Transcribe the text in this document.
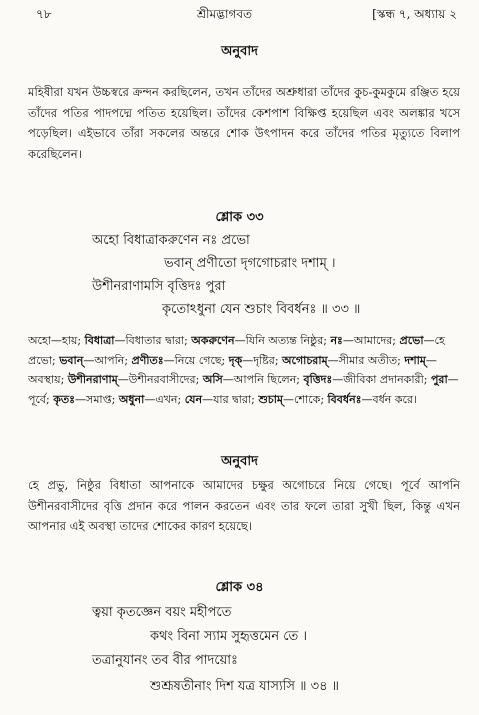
৭৮	শ্রীমদ্ভাগবত	[স্কন্ধ ৭, অধ্যায় ২
অনুবাদ

মহিষীরা যখন উচ্চস্বরে ক্রন্দন করছিলেন, তখন তাঁদের অশ্রুধারা তাঁদের কুচ-কুমকুমে রঞ্জিত হয়ে তাঁদের পতির পাদপদ্মে পতিত হয়েছিল। তাঁদের কেশপাশ বিক্ষিপ্ত হয়েছিল এবং অলঙ্কার খসে পড়েছিল। এইভাবে তাঁরা সকলের অন্তরে শোক উৎপাদন করে তাঁদের পতির মৃত্যুতে বিলাপ করেছিলেন।

শ্লোক ৩৩
অহো বিধাত্রাকরুণেন নঃ প্রভো
ভবান্ প্রণীতো দৃগগোচরাং দশাম্ ।
উশীনরাণামসি বৃত্তিদঃ পুরা
কৃতোঽধুনা যেন শুচাং বিবর্ধনঃ ॥ ৩৩ ॥

অহো—হায়; বিধাত্রা—বিধাতার দ্বারা; অকরুণেন—যিনি অত্যন্ত নিষ্ঠুর; নঃ—আমাদের; প্রভো—হে প্রভো; ভবান্—আপনি; প্রণীতঃ—নিয়ে গেছে; দৃক্—দৃষ্টির; অগোচরাম্—সীমার অতীত; দশাম্—অবস্থায়; উশীনরাণাম্—উশীনরবাসীদের; অসি—আপনি ছিলেন; বৃত্তিদঃ—জীবিকা প্রদানকারী; পুরা—পূর্বে; কৃতঃ—সমাপ্ত; অধুনা—এখন; যেন—যার দ্বারা; শুচাম্—শোকে; বিবর্ধনঃ—বর্ধন করে।

অনুবাদ

হে প্রভু, নিষ্ঠুর বিধাতা আপনাকে আমাদের চক্ষুর অগোচরে নিয়ে গেছে। পূর্বে আপনি উশীনরবাসীদের বৃত্তি প্রদান করে পালন করতেন এবং তার ফলে তারা সুখী ছিল, কিন্তু এখন আপনার এই অবস্থা তাদের শোকের কারণ হয়েছে।

শ্লোক ৩৪
ত্বয়া কৃতজ্ঞেন বয়ং মহীপতে
কথং বিনা স্যাম সুহৃত্তমেন তে ।
তত্রানুযানং তব বীর পাদয়োঃ
শুশ্রূষতীনাং দিশ যত্র যাস্যসি ॥ ৩৪ ॥
